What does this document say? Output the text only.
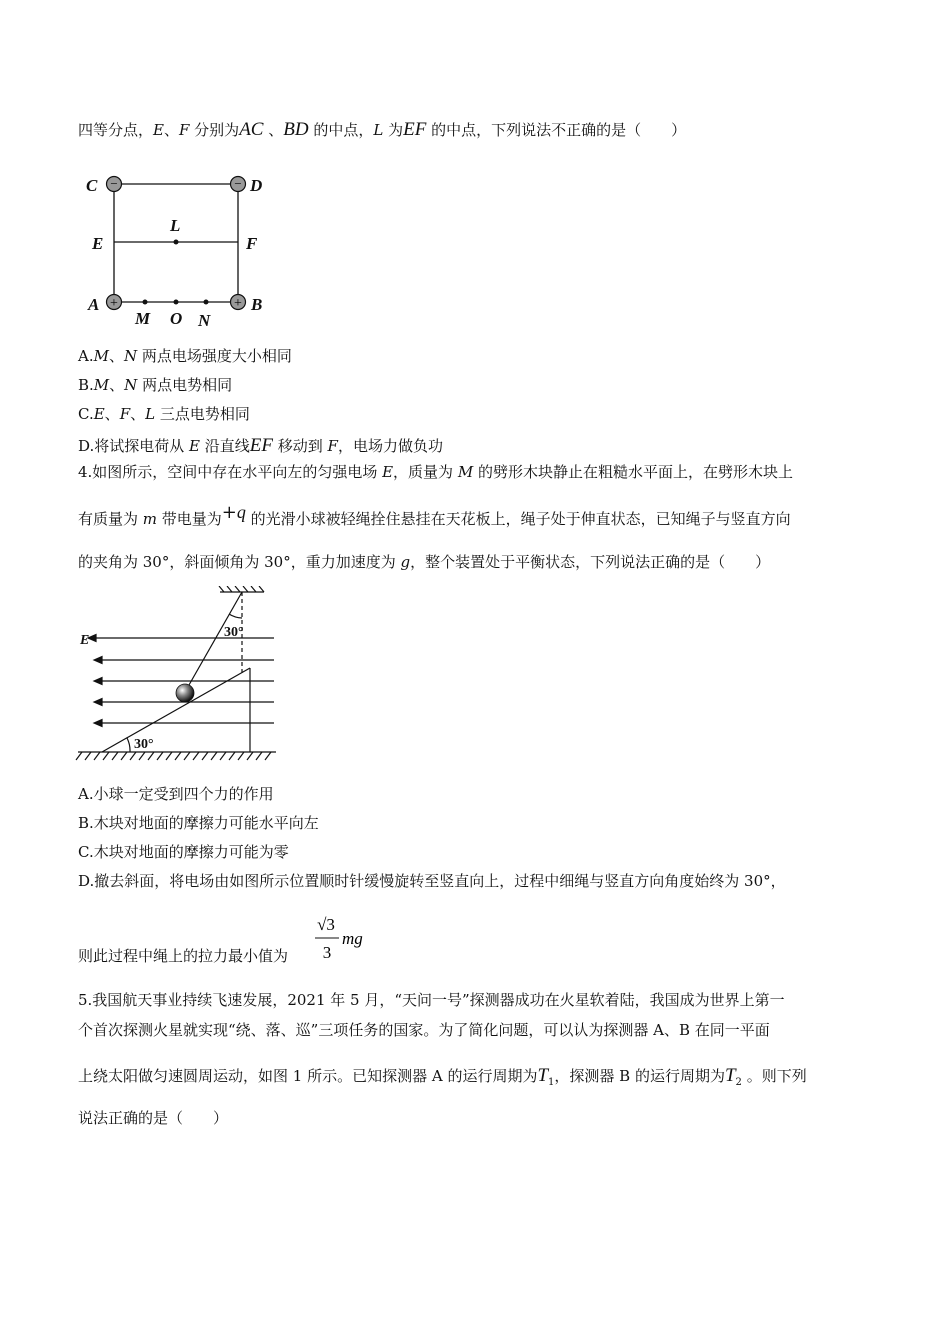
四等分点，E、F 分别为AC 、BD 的中点，L 为EF 的中点，下列说法不正确的是（　　）
−	−
+	+
C	D
E	F
L
A	B
M O N
A.M、N 两点电场强度大小相同
B.M、N 两点电势相同
C.E、F、L 三点电势相同
D.将试探电荷从 E 沿直线EF 移动到 F，电场力做负功
4.如图所示，空间中存在水平向左的匀强电场 E，质量为 M 的劈形木块静止在粗糙水平面上，在劈形木块上
有质量为 m 带电量为+q 的光滑小球被轻绳拴住悬挂在天花板上，绳子处于伸直状态，已知绳子与竖直方向
的夹角为 30°，斜面倾角为 30°，重力加速度为 g，整个装置处于平衡状态，下列说法正确的是（　　）
E
30°
30°
A.小球一定受到四个力的作用
B.木块对地面的摩擦力可能水平向左
C.木块对地面的摩擦力可能为零
D.撤去斜面，将电场由如图所示位置顺时针缓慢旋转至竖直向上，过程中细绳与竖直方向角度始终为 30°，
则此过程中绳上的拉力最小值为
√3
3
mg
5.我国航天事业持续飞速发展，2021 年 5 月，“天问一号”探测器成功在火星软着陆，我国成为世界上第一
个首次探测火星就实现“绕、落、巡”三项任务的国家。为了简化问题，可以认为探测器 A、B 在同一平面
上绕太阳做匀速圆周运动，如图 1 所示。已知探测器 A 的运行周期为$T_1$，探测器 B 的运行周期为$T_2$ 。则下列
说法正确的是（　　）
